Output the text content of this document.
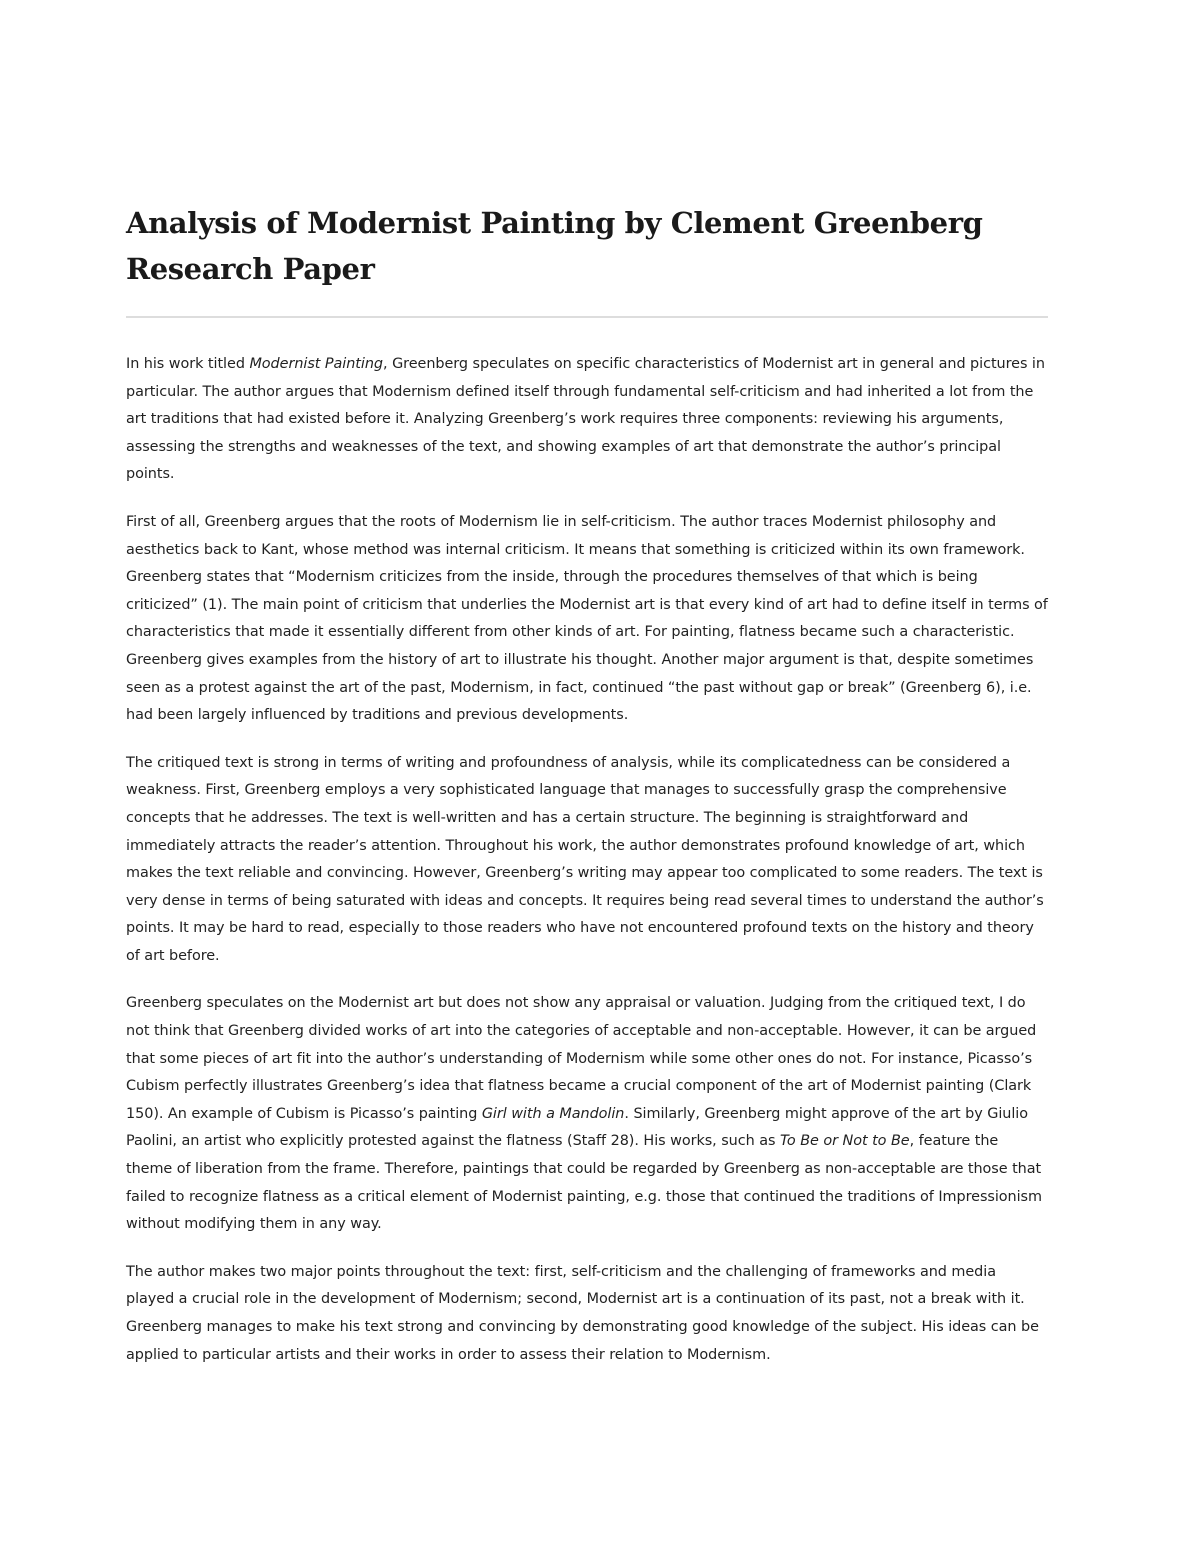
Analysis of Modernist Painting by Clement Greenberg Research Paper

In his work titled Modernist Painting, Greenberg speculates on specific characteristics of Modernist art in general and pictures in particular. The author argues that Modernism defined itself through fundamental self-criticism and had inherited a lot from the art traditions that had existed before it. Analyzing Greenberg’s work requires three components: reviewing his arguments, assessing the strengths and weaknesses of the text, and showing examples of art that demonstrate the author’s principal points.

First of all, Greenberg argues that the roots of Modernism lie in self-criticism. The author traces Modernist philosophy and aesthetics back to Kant, whose method was internal criticism. It means that something is criticized within its own framework. Greenberg states that “Modernism criticizes from the inside, through the procedures themselves of that which is being criticized” (1). The main point of criticism that underlies the Modernist art is that every kind of art had to define itself in terms of characteristics that made it essentially different from other kinds of art. For painting, flatness became such a characteristic. Greenberg gives examples from the history of art to illustrate his thought. Another major argument is that, despite sometimes seen as a protest against the art of the past, Modernism, in fact, continued “the past without gap or break” (Greenberg 6), i.e. had been largely influenced by traditions and previous developments.

The critiqued text is strong in terms of writing and profoundness of analysis, while its complicatedness can be considered a weakness. First, Greenberg employs a very sophisticated language that manages to successfully grasp the comprehensive concepts that he addresses. The text is well-written and has a certain structure. The beginning is straightforward and immediately attracts the reader’s attention. Throughout his work, the author demonstrates profound knowledge of art, which makes the text reliable and convincing. However, Greenberg’s writing may appear too complicated to some readers. The text is very dense in terms of being saturated with ideas and concepts. It requires being read several times to understand the author’s points. It may be hard to read, especially to those readers who have not encountered profound texts on the history and theory of art before.

Greenberg speculates on the Modernist art but does not show any appraisal or valuation. Judging from the critiqued text, I do not think that Greenberg divided works of art into the categories of acceptable and non-acceptable. However, it can be argued that some pieces of art fit into the author’s understanding of Modernism while some other ones do not. For instance, Picasso’s Cubism perfectly illustrates Greenberg’s idea that flatness became a crucial component of the art of Modernist painting (Clark 150). An example of Cubism is Picasso’s painting Girl with a Mandolin. Similarly, Greenberg might approve of the art by Giulio Paolini, an artist who explicitly protested against the flatness (Staff 28). His works, such as To Be or Not to Be, feature the theme of liberation from the frame. Therefore, paintings that could be regarded by Greenberg as non-acceptable are those that failed to recognize flatness as a critical element of Modernist painting, e.g. those that continued the traditions of Impressionism without modifying them in any way.

The author makes two major points throughout the text: first, self-criticism and the challenging of frameworks and media played a crucial role in the development of Modernism; second, Modernist art is a continuation of its past, not a break with it. Greenberg manages to make his text strong and convincing by demonstrating good knowledge of the subject. His ideas can be applied to particular artists and their works in order to assess their relation to Modernism.
